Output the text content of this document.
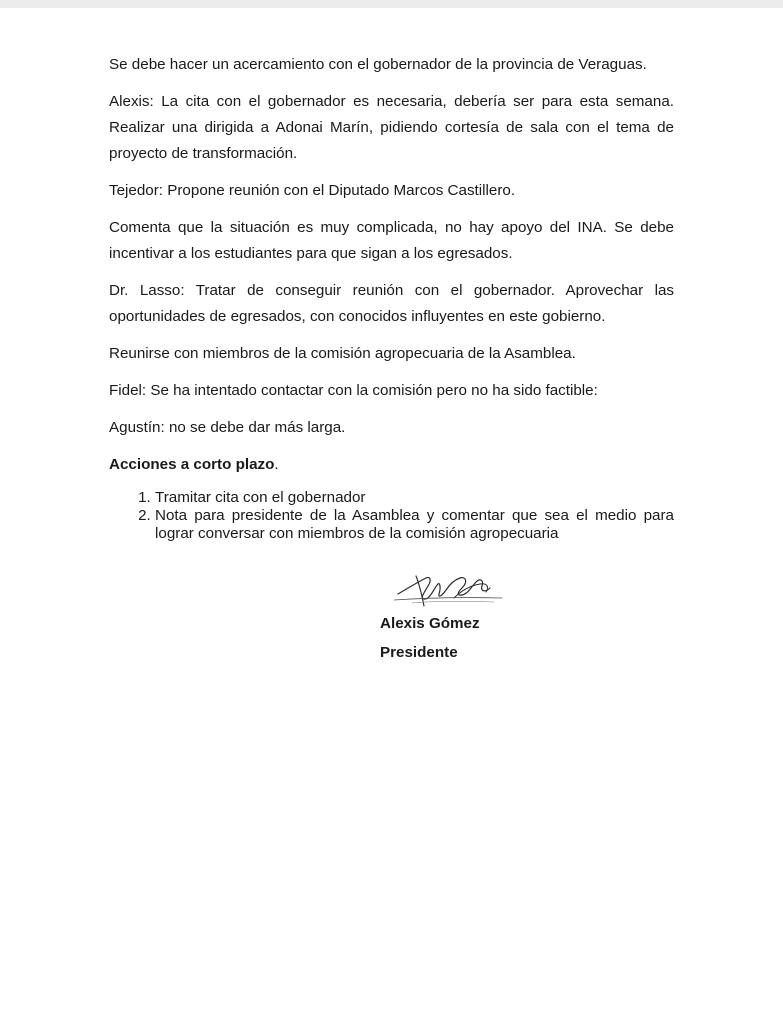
Se debe hacer un acercamiento con el gobernador de la provincia de Veraguas.

Alexis: La cita con el gobernador es necesaria, debería ser para esta semana. Realizar una dirigida a Adonai Marín, pidiendo cortesía de sala con el tema de proyecto de transformación.

Tejedor: Propone reunión con el Diputado Marcos Castillero.

Comenta que la situación es muy complicada, no hay apoyo del INA. Se debe incentivar a los estudiantes para que sigan a los egresados.

Dr. Lasso: Tratar de conseguir reunión con el gobernador. Aprovechar las oportunidades de egresados, con conocidos influyentes en este gobierno.

Reunirse con miembros de la comisión agropecuaria de la Asamblea.

Fidel: Se ha intentado contactar con la comisión pero no ha sido factible:

Agustín: no se debe dar más larga.

Acciones a corto plazo.

1. Tramitar cita con el gobernador
2. Nota para presidente de la Asamblea y comentar que sea el medio para lograr conversar con miembros de la comisión agropecuaria
Alexis Gómez
Presidente
